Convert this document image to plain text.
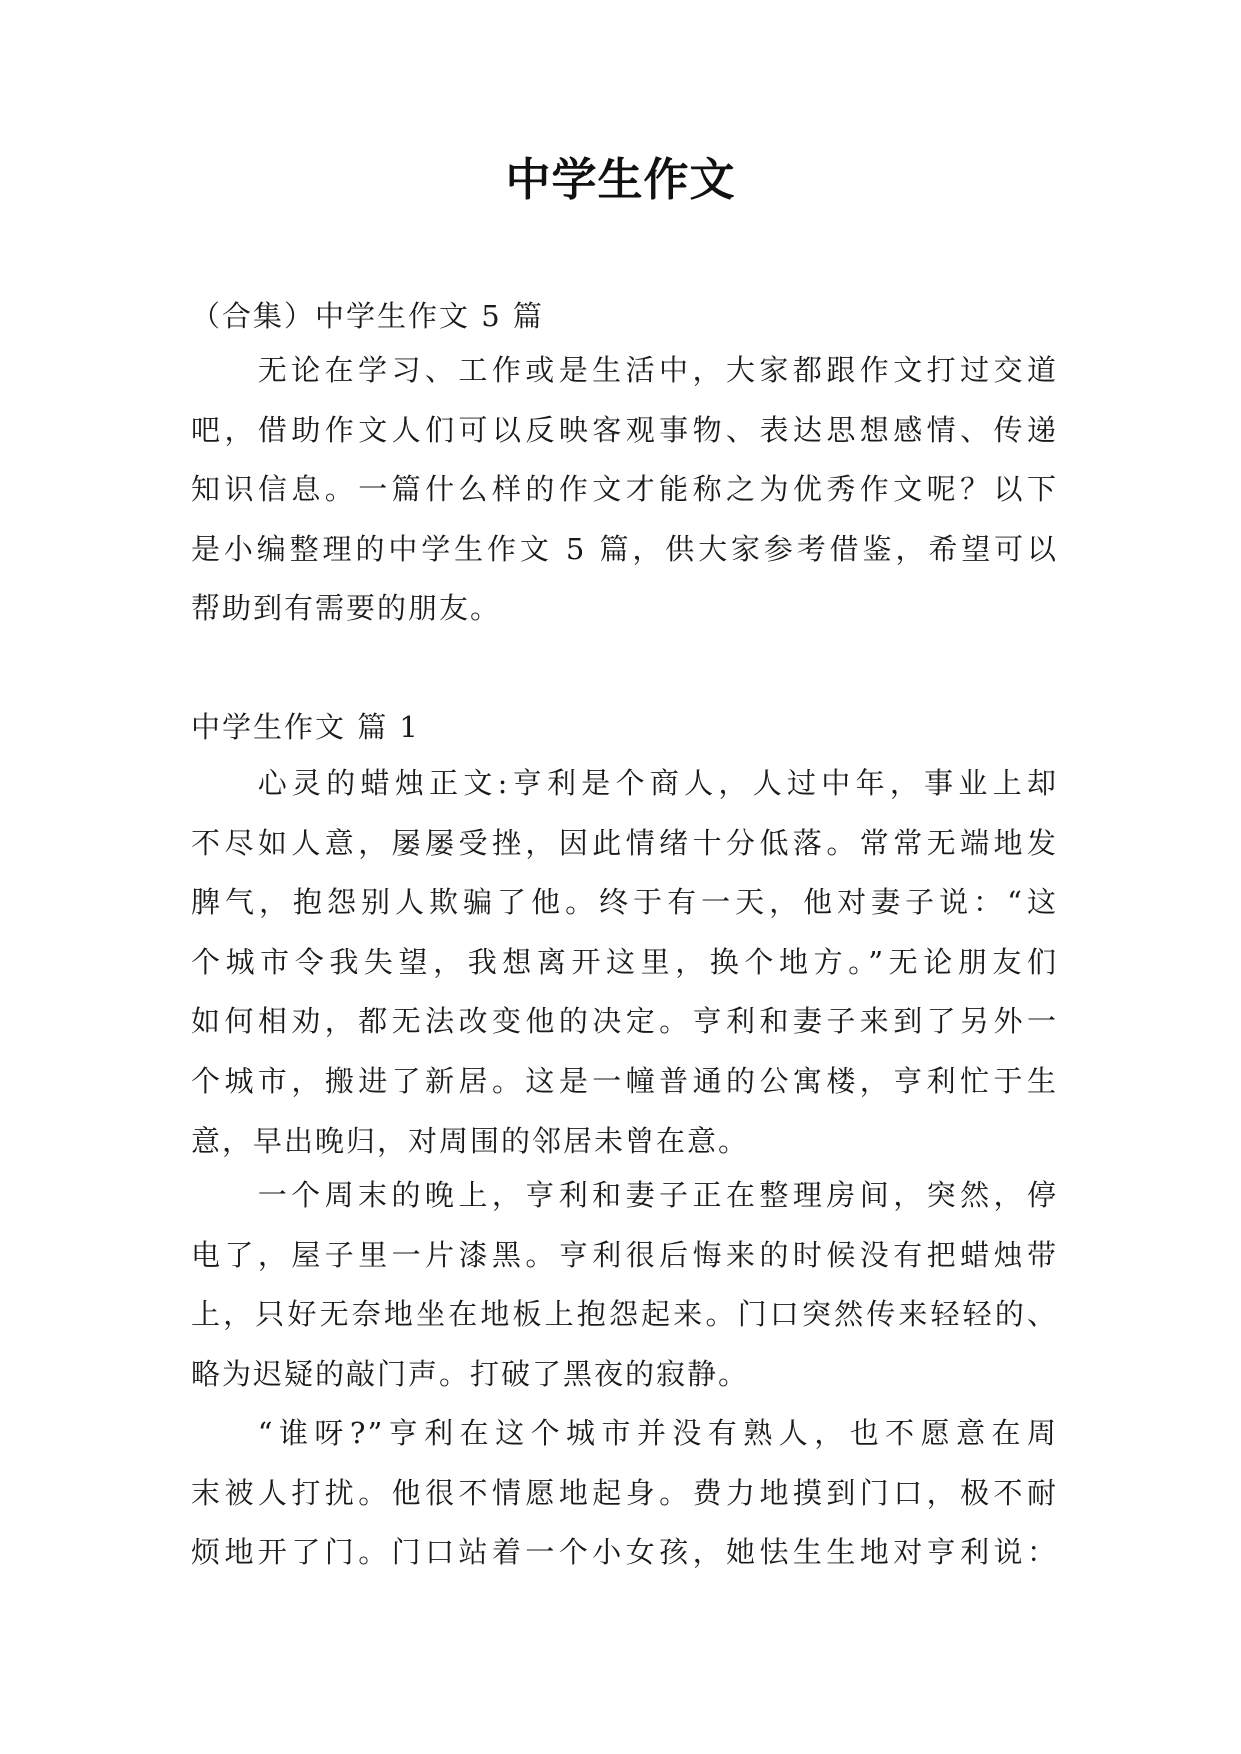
中学生作文
（合集）中学生作文 5 篇
无论在学习、工作或是生活中，大家都跟作文打过交道
吧，借助作文人们可以反映客观事物、表达思想感情、传递
知识信息。一篇什么样的作文才能称之为优秀作文呢？以下
是小编整理的中学生作文 5 篇，供大家参考借鉴，希望可以
帮助到有需要的朋友。
中学生作文 篇 1
心灵的蜡烛正文:亨利是个商人，人过中年，事业上却
不尽如人意，屡屡受挫，因此情绪十分低落。常常无端地发
脾气，抱怨别人欺骗了他。终于有一天，他对妻子说：“这
个城市令我失望，我想离开这里，换个地方。”无论朋友们
如何相劝，都无法改变他的决定。亨利和妻子来到了另外一
个城市，搬进了新居。这是一幢普通的公寓楼，亨利忙于生
意，早出晚归，对周围的邻居未曾在意。
一个周末的晚上，亨利和妻子正在整理房间，突然，停
电了，屋子里一片漆黑。亨利很后悔来的时候没有把蜡烛带
上，只好无奈地坐在地板上抱怨起来。门口突然传来轻轻的、
略为迟疑的敲门声。打破了黑夜的寂静。
“谁呀?”亨利在这个城市并没有熟人，也不愿意在周
末被人打扰。他很不情愿地起身。费力地摸到门口，极不耐
烦地开了门。门口站着一个小女孩，她怯生生地对亨利说：
